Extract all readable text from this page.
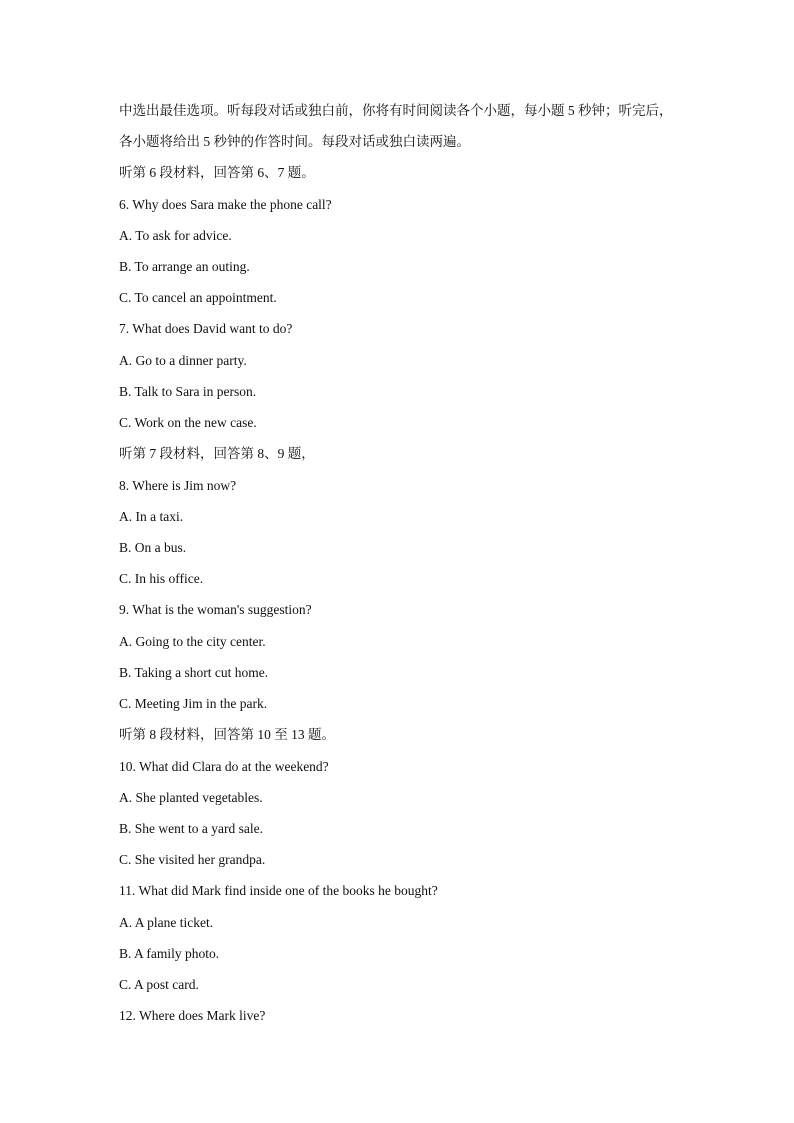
中选出最佳选项。听每段对话或独白前，你将有时间阅读各个小题，每小题 5 秒钟；听完后，
各小题将给出 5 秒钟的作答时间。每段对话或独白读两遍。
听第 6 段材料，回答第 6、7 题。
6. Why does Sara make the phone call?
A. To ask for advice.
B. To arrange an outing.
C. To cancel an appointment.
7. What does David want to do?
A. Go to a dinner party.
B. Talk to Sara in person.
C. Work on the new case.
听第 7 段材料，回答第 8、9 题，
8. Where is Jim now?
A. In a taxi.
B. On a bus.
C. In his office.
9. What is the woman's suggestion?
A. Going to the city center.
B. Taking a short cut home.
C. Meeting Jim in the park.
听第 8 段材料，回答第 10 至 13 题。
10. What did Clara do at the weekend?
A. She planted vegetables.
B. She went to a yard sale.
C. She visited her grandpa.
11. What did Mark find inside one of the books he bought?
A. A plane ticket.
B. A family photo.
C. A post card.
12. Where does Mark live?
